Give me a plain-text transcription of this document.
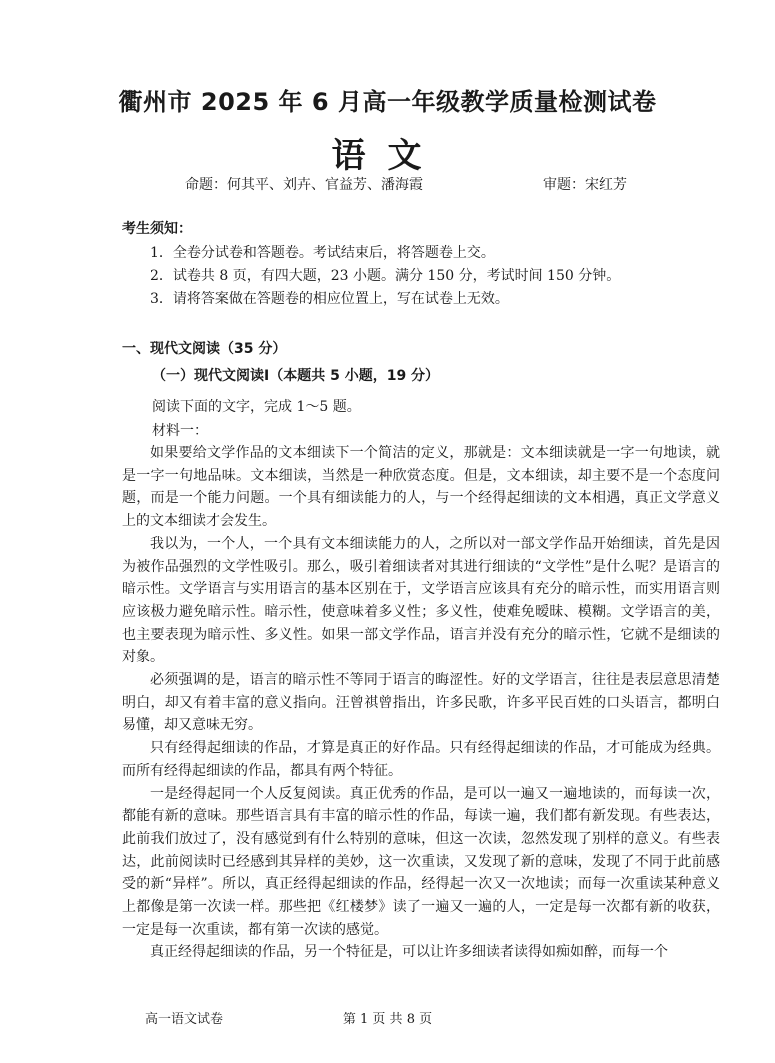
衢州市 2025 年 6 月高一年级教学质量检测试卷
语文
命题：何其平、刘卉、官益芳、潘海霞	审题：宋红芳
考生须知：
1．全卷分试卷和答题卷。考试结束后，将答题卷上交。
2．试卷共 8 页，有四大题，23 小题。满分 150 分，考试时间 150 分钟。
3．请将答案做在答题卷的相应位置上，写在试卷上无效。
一、现代文阅读（35 分）
（一）现代文阅读Ⅰ（本题共 5 小题，19 分）
阅读下面的文字，完成 1～5 题。
材料一：

如果要给文学作品的文本细读下一个简洁的定义，那就是：文本细读就是一字一句地读，就是一字一句地品味。文本细读，当然是一种欣赏态度。但是，文本细读，却主要不是一个态度问题，而是一个能力问题。一个具有细读能力的人，与一个经得起细读的文本相遇，真正文学意义上的文本细读才会发生。

我以为，一个人，一个具有文本细读能力的人，之所以对一部文学作品开始细读，首先是因为被作品强烈的文学性吸引。那么，吸引着细读者对其进行细读的“文学性”是什么呢？是语言的暗示性。文学语言与实用语言的基本区别在于，文学语言应该具有充分的暗示性，而实用语言则应该极力避免暗示性。暗示性，使意味着多义性；多义性，使难免暧昧、模糊。文学语言的美，也主要表现为暗示性、多义性。如果一部文学作品，语言并没有充分的暗示性，它就不是细读的对象。

必须强调的是，语言的暗示性不等同于语言的晦涩性。好的文学语言，往往是表层意思清楚明白，却又有着丰富的意义指向。汪曾祺曾指出，许多民歌，许多平民百姓的口头语言，都明白易懂，却又意味无穷。

只有经得起细读的作品，才算是真正的好作品。只有经得起细读的作品，才可能成为经典。而所有经得起细读的作品，都具有两个特征。

一是经得起同一个人反复阅读。真正优秀的作品，是可以一遍又一遍地读的，而每读一次，都能有新的意味。那些语言具有丰富的暗示性的作品，每读一遍，我们都有新发现。有些表达，此前我们放过了，没有感觉到有什么特别的意味，但这一次读，忽然发现了别样的意义。有些表达，此前阅读时已经感到其异样的美妙，这一次重读，又发现了新的意味，发现了不同于此前感受的新“异样”。所以，真正经得起细读的作品，经得起一次又一次地读；而每一次重读某种意义上都像是第一次读一样。那些把《红楼梦》读了一遍又一遍的人，一定是每一次都有新的收获，一定是每一次重读，都有第一次读的感觉。

真正经得起细读的作品，另一个特征是，可以让许多细读者读得如痴如醉，而每一个

高一语文试卷	第 1 页 共 8 页
